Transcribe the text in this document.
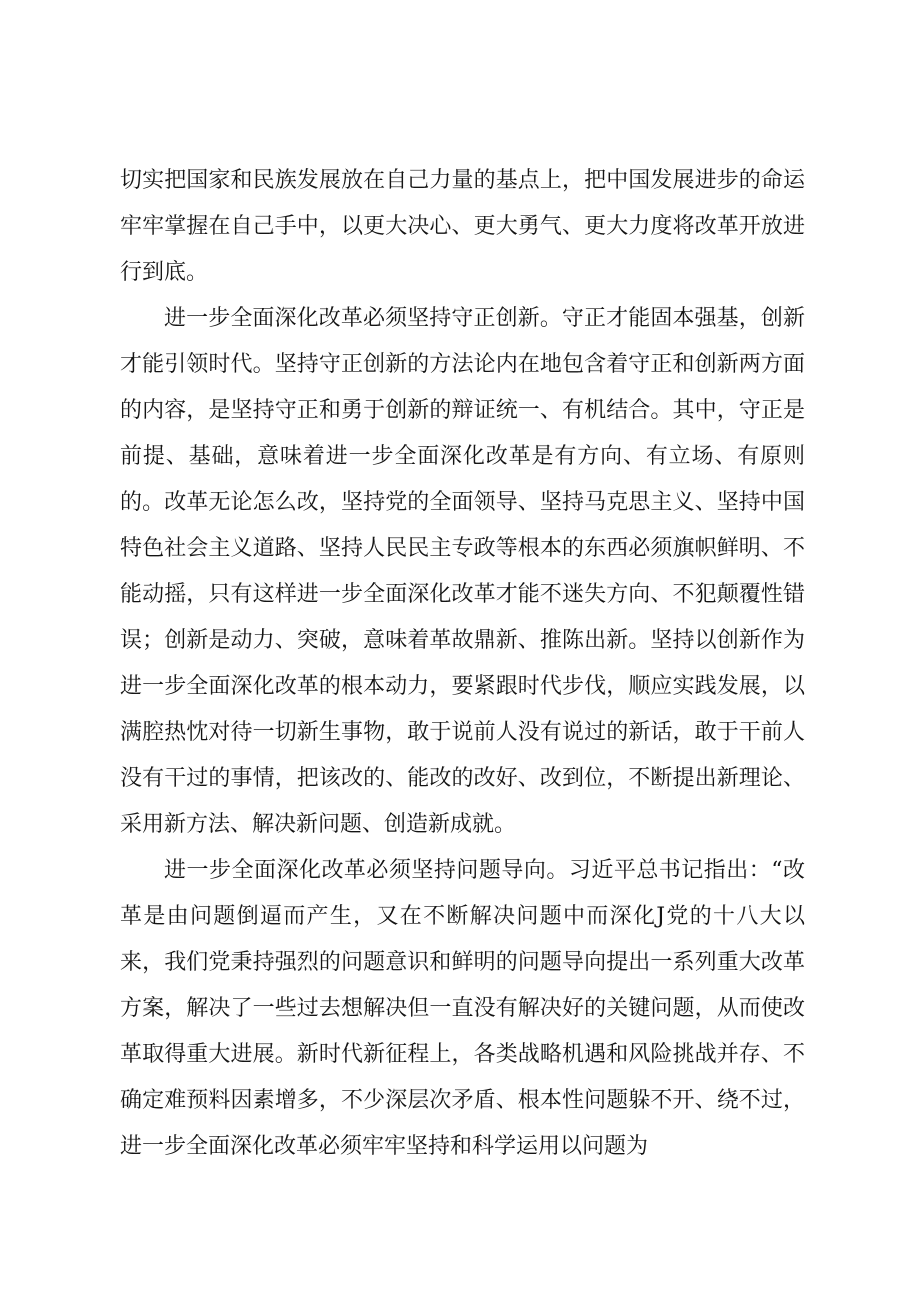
切实把国家和民族发展放在自己力量的基点上，把中国发展进步的命运牢牢掌握在自己手中，以更大决心、更大勇气、更大力度将改革开放进行到底。

进一步全面深化改革必须坚持守正创新。守正才能固本强基，创新才能引领时代。坚持守正创新的方法论内在地包含着守正和创新两方面的内容，是坚持守正和勇于创新的辩证统一、有机结合。其中，守正是前提、基础，意味着进一步全面深化改革是有方向、有立场、有原则的。改革无论怎么改，坚持党的全面领导、坚持马克思主义、坚持中国特色社会主义道路、坚持人民民主专政等根本的东西必须旗帜鲜明、不能动摇，只有这样进一步全面深化改革才能不迷失方向、不犯颠覆性错误；创新是动力、突破，意味着革故鼎新、推陈出新。坚持以创新作为进一步全面深化改革的根本动力，要紧跟时代步伐，顺应实践发展，以满腔热忱对待一切新生事物，敢于说前人没有说过的新话，敢于干前人没有干过的事情，把该改的、能改的改好、改到位，不断提出新理论、采用新方法、解决新问题、创造新成就。

进一步全面深化改革必须坚持问题导向。习近平总书记指出：“改革是由问题倒逼而产生，又在不断解决问题中而深化J党的十八大以来，我们党秉持强烈的问题意识和鲜明的问题导向提出一系列重大改革方案，解决了一些过去想解决但一直没有解决好的关键问题，从而使改革取得重大进展。新时代新征程上，各类战略机遇和风险挑战并存、不确定难预料因素增多，不少深层次矛盾、根本性问题躲不开、绕不过，进一步全面深化改革必须牢牢坚持和科学运用以问题为
